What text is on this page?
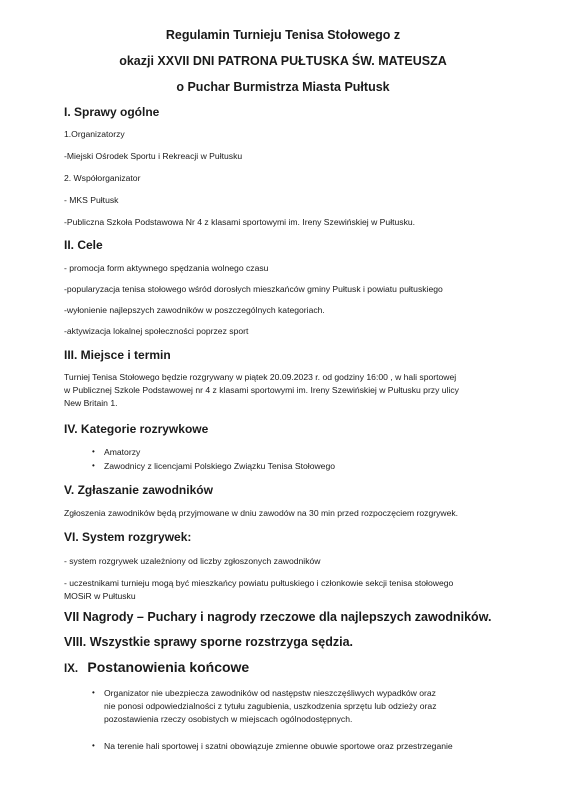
Regulamin Turnieju Tenisa Stołowego z
okazji XXVII DNI PATRONA PUŁTUSKA ŚW. MATEUSZA
o Puchar Burmistrza Miasta Pułtusk
I. Sprawy ogólne
1.Organizatorzy
-Miejski Ośrodek Sportu i Rekreacji w Pułtusku
2. Współorganizator
- MKS Pułtusk
-Publiczna Szkoła Podstawowa Nr 4 z klasami sportowymi im. Ireny Szewińskiej w Pułtusku.
II. Cele
- promocja form aktywnego spędzania wolnego czasu
-popularyzacja tenisa stołowego wśród dorosłych mieszkańców gminy Pułtusk i powiatu pułtuskiego
-wyłonienie najlepszych zawodników w poszczególnych kategoriach.
-aktywizacja lokalnej społeczności poprzez sport
III. Miejsce i termin
Turniej Tenisa Stołowego będzie rozgrywany w piątek 20.09.2023 r. od godziny 16:00 , w hali sportowej
w Publicznej Szkole Podstawowej nr 4 z klasami sportowymi im. Ireny Szewińskiej w Pułtusku przy ulicy
New Britain 1.
IV. Kategorie rozrywkowe
• Amatorzy
• Zawodnicy z licencjami Polskiego Związku Tenisa Stołowego
V. Zgłaszanie zawodników
Zgłoszenia zawodników będą przyjmowane w dniu zawodów na 30 min przed rozpoczęciem rozgrywek.
VI. System rozgrywek:
- system rozgrywek uzależniony od liczby zgłoszonych zawodników
- uczestnikami turnieju mogą być mieszkańcy powiatu pułtuskiego i członkowie sekcji tenisa stołowego
MOSiR w Pułtusku
VII Nagrody – Puchary i nagrody rzeczowe dla najlepszych zawodników.
VIII. Wszystkie sprawy sporne rozstrzyga sędzia.
IX. Postanowienia końcowe
• Organizator nie ubezpiecza zawodników od następstw nieszczęśliwych wypadków oraz
nie ponosi odpowiedzialności z tytułu zagubienia, uszkodzenia sprzętu lub odzieży oraz
pozostawienia rzeczy osobistych w miejscach ogólnodostępnych.
• Na terenie hali sportowej i szatni obowiązuje zmienne obuwie sportowe oraz przestrzeganie
